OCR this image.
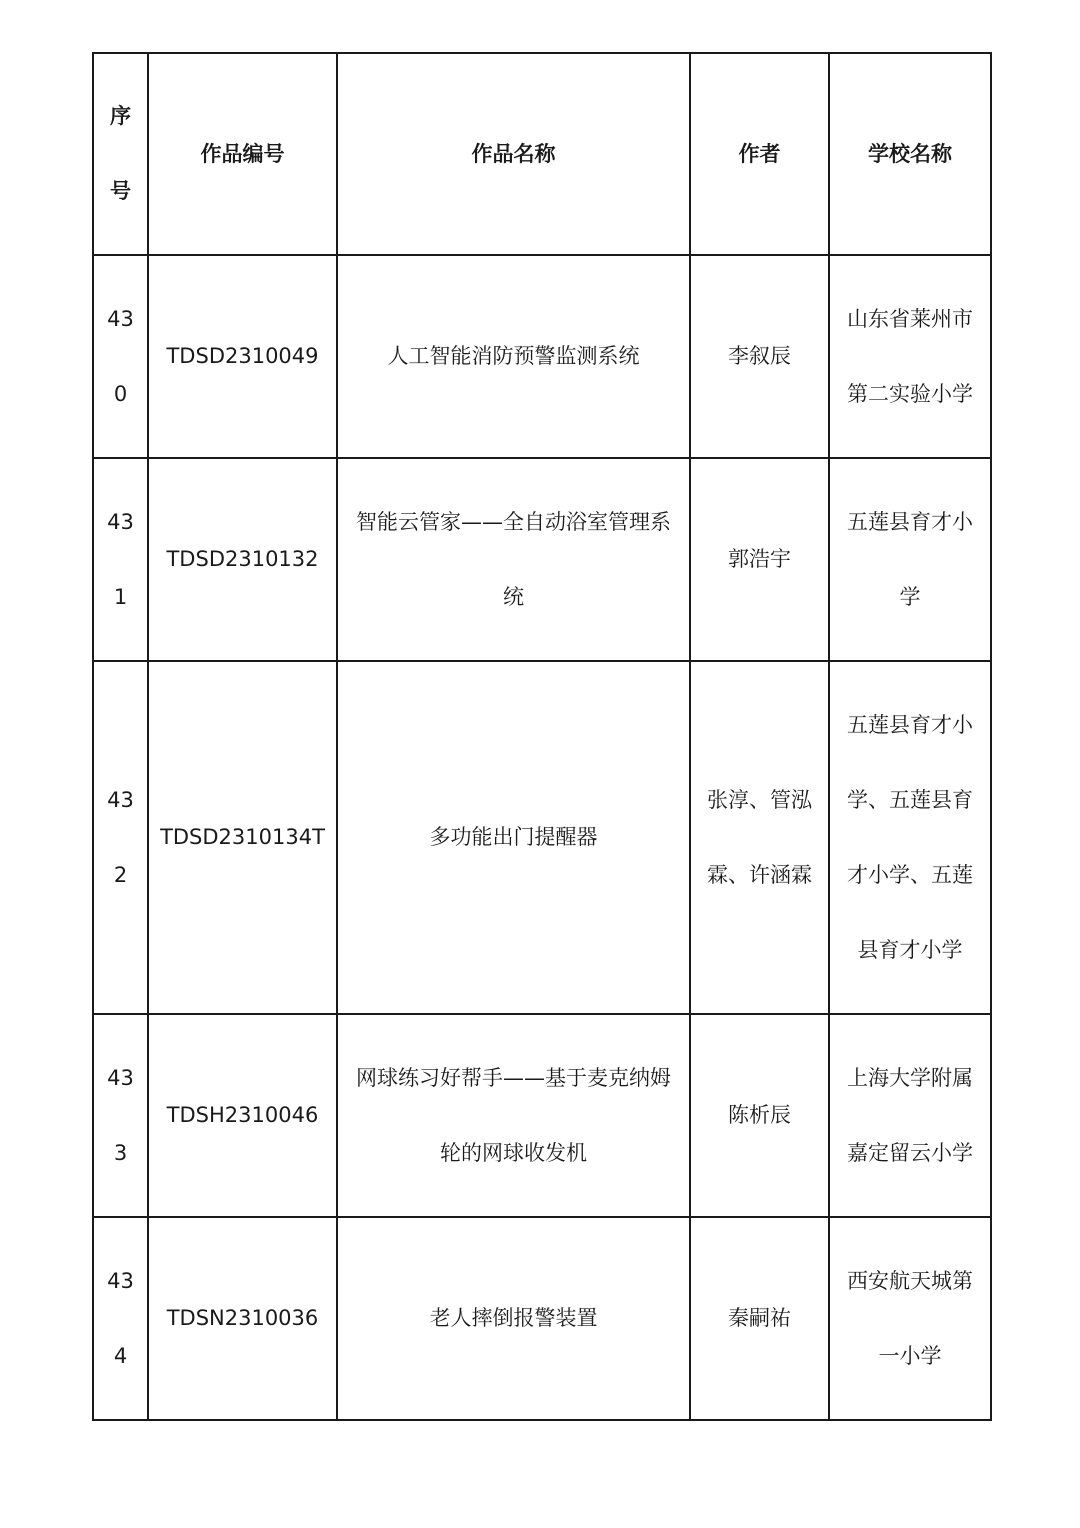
序号	作品编号	作品名称	作者	学校名称
430	TDSD2310049	人工智能消防预警监测系统	李叙辰	山东省莱州市第二实验小学
431	TDSD2310132	智能云管家——全自动浴室管理系统	郭浩宇	五莲县育才小学
432	TDSD2310134T	多功能出门提醒器	张淳、管泓霖、许涵霖	五莲县育才小学、五莲县育才小学、五莲县育才小学
433	TDSH2310046	网球练习好帮手——基于麦克纳姆轮的网球收发机	陈析辰	上海大学附属嘉定留云小学
434	TDSN2310036	老人摔倒报警装置	秦嗣祐	西安航天城第一小学
